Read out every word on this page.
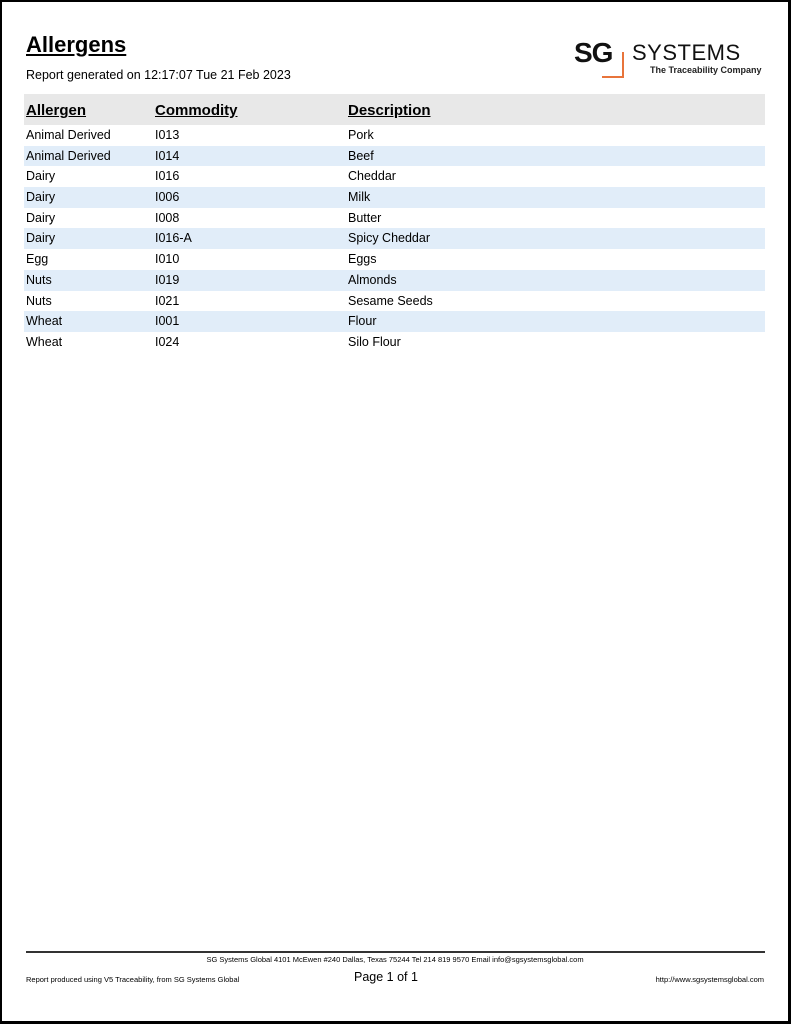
Allergens
Report generated on 12:17:07 Tue 21 Feb 2023
SG SYSTEMS
The Traceability Company
Allergen	Commodity	Description
Animal Derived	I013	Pork
Animal Derived	I014	Beef
Dairy	I016	Cheddar
Dairy	I006	Milk
Dairy	I008	Butter
Dairy	I016-A	Spicy Cheddar
Egg	I010	Eggs
Nuts	I019	Almonds
Nuts	I021	Sesame Seeds
Wheat	I001	Flour
Wheat	I024	Silo Flour
SG Systems Global 4101 McEwen #240 Dallas, Texas 75244 Tel 214 819 9570 Email info@sgsystemsglobal.com
Report produced using V5 Traceability, from SG Systems Global	Page 1 of 1	http://www.sgsystemsglobal.com
